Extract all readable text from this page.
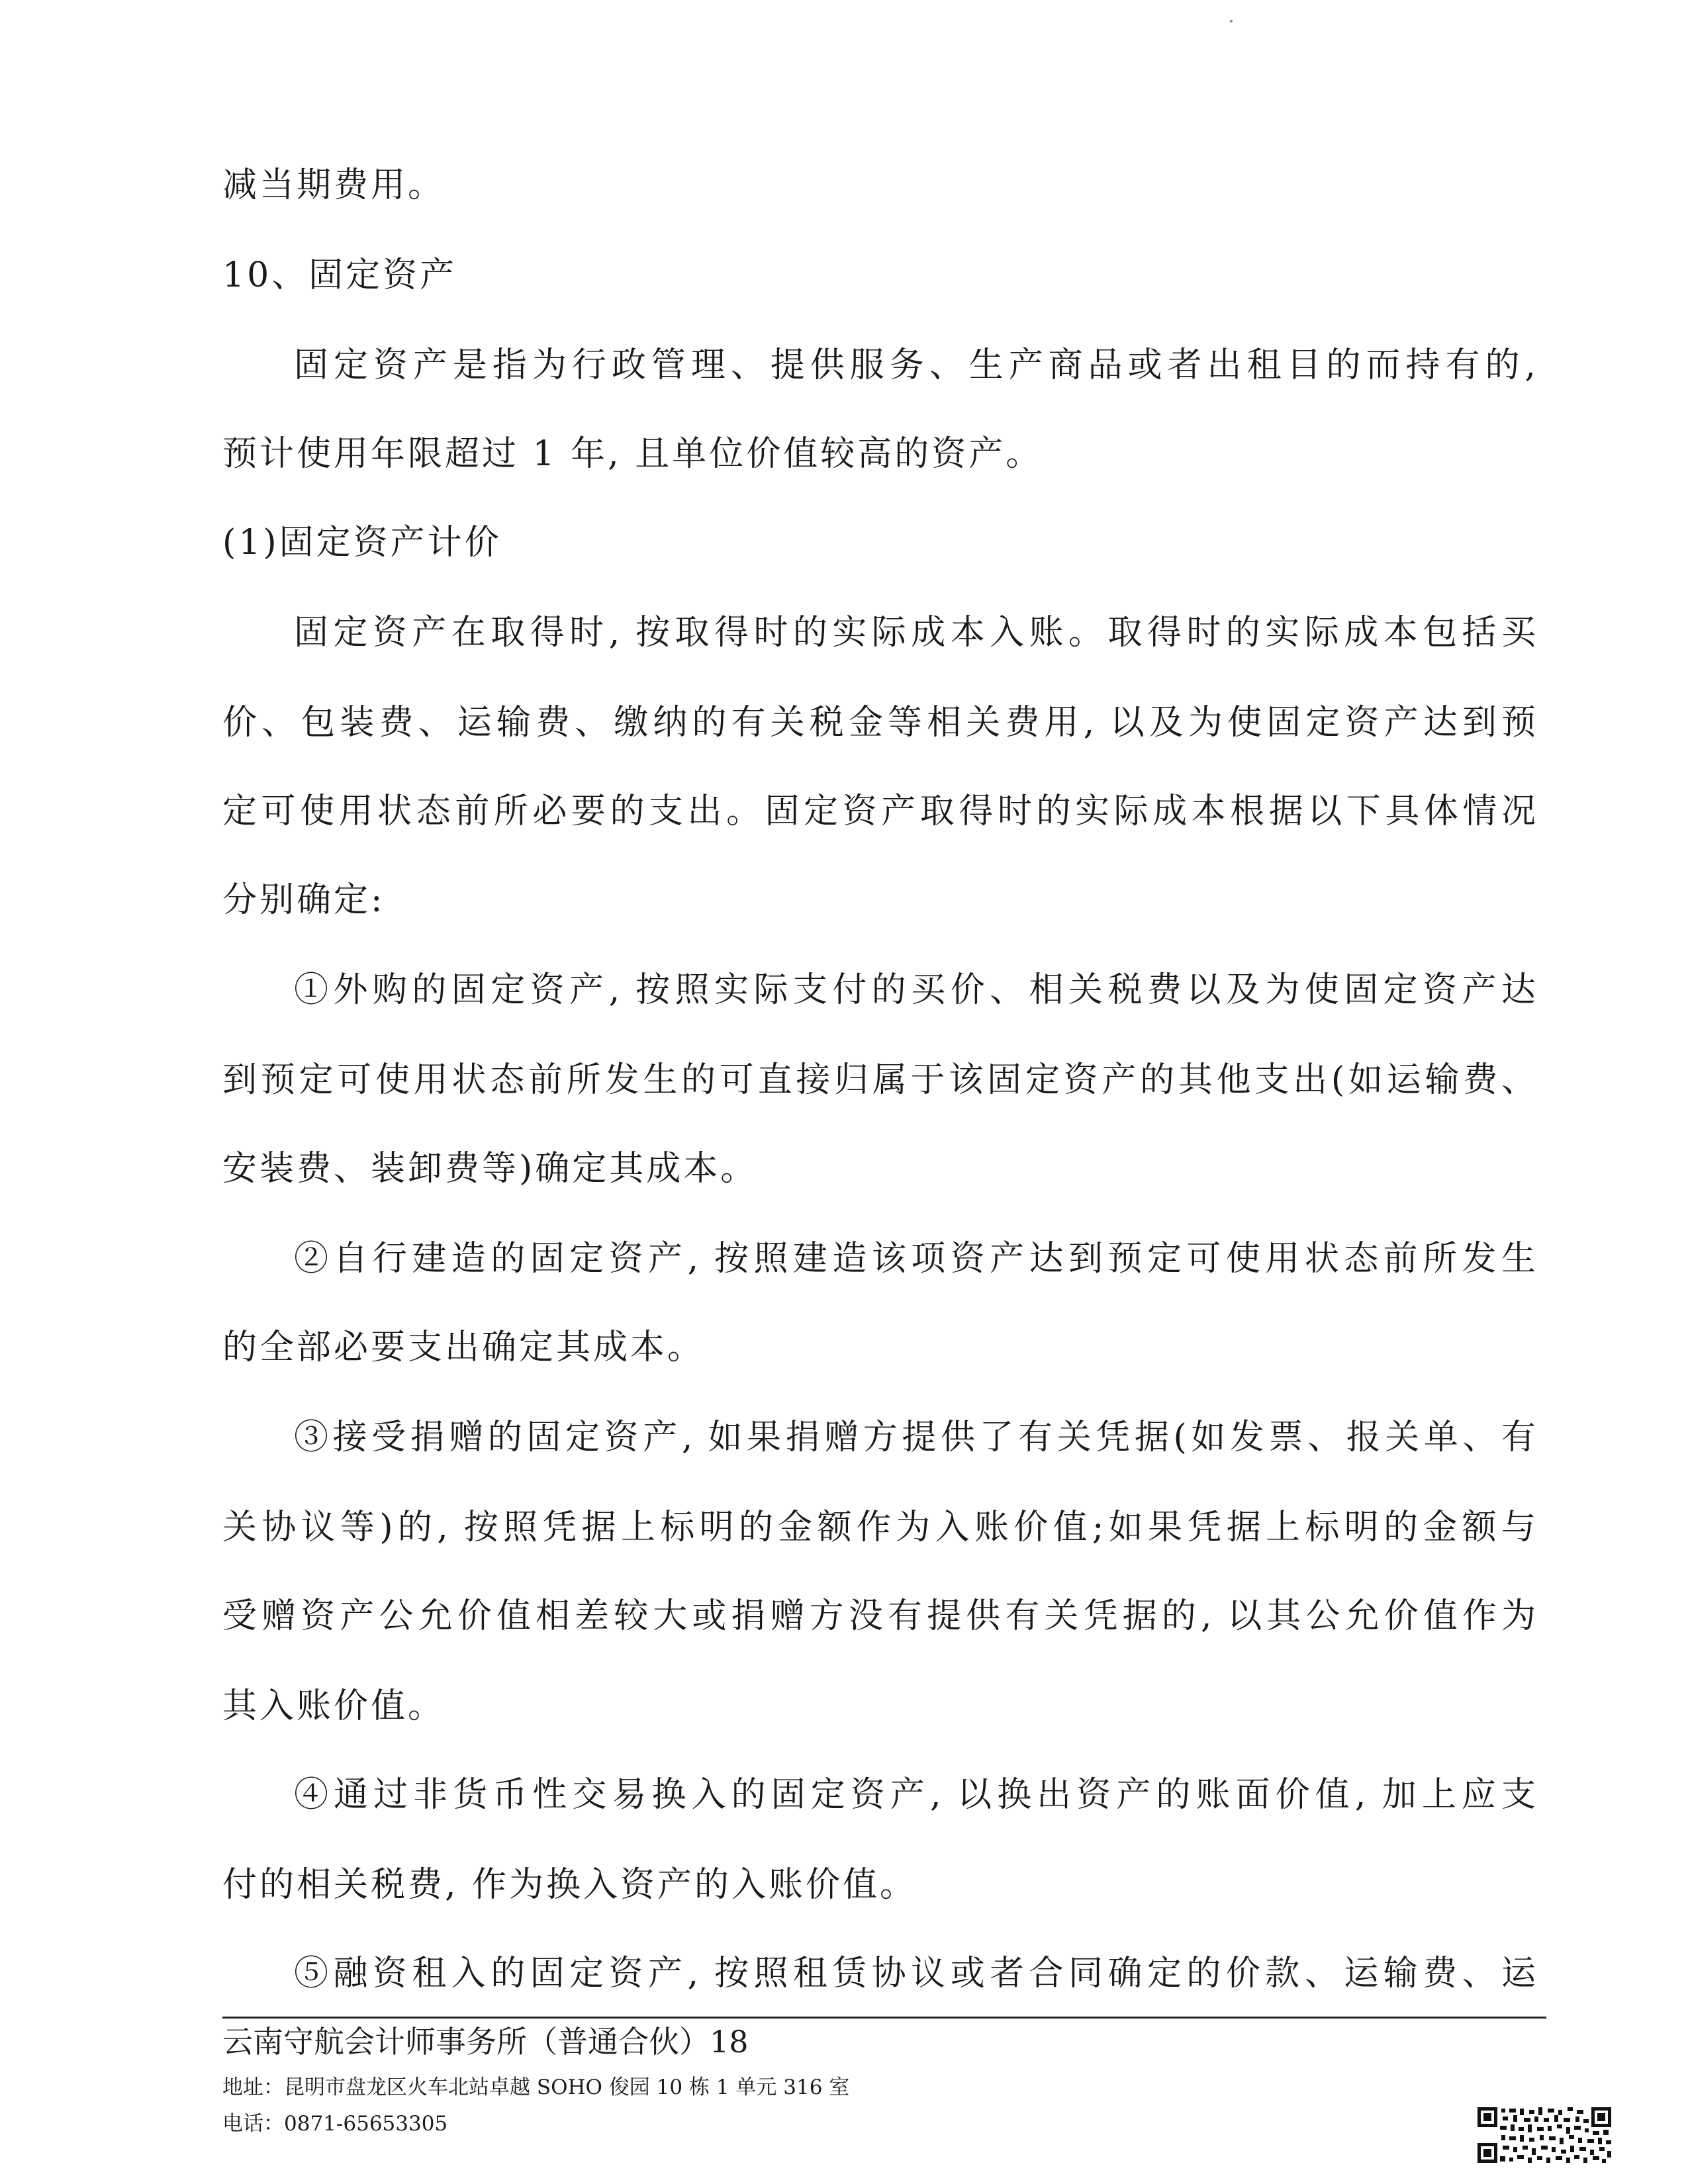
减当期费用。
10、固定资产
固定资产是指为行政管理、提供服务、生产商品或者出租目的而持有的,
预计使用年限超过 1 年, 且单位价值较高的资产。
(1)固定资产计价
固定资产在取得时, 按取得时的实际成本入账。取得时的实际成本包括买
价、包装费、运输费、缴纳的有关税金等相关费用, 以及为使固定资产达到预
定可使用状态前所必要的支出。固定资产取得时的实际成本根据以下具体情况
分别确定:
①外购的固定资产, 按照实际支付的买价、相关税费以及为使固定资产达
到预定可使用状态前所发生的可直接归属于该固定资产的其他支出(如运输费、
安装费、装卸费等)确定其成本。
②自行建造的固定资产, 按照建造该项资产达到预定可使用状态前所发生
的全部必要支出确定其成本。
③接受捐赠的固定资产, 如果捐赠方提供了有关凭据(如发票、报关单、有
关协议等)的, 按照凭据上标明的金额作为入账价值;如果凭据上标明的金额与
受赠资产公允价值相差较大或捐赠方没有提供有关凭据的, 以其公允价值作为
其入账价值。
④通过非货币性交易换入的固定资产, 以换出资产的账面价值, 加上应支
付的相关税费, 作为换入资产的入账价值。
⑤融资租入的固定资产, 按照租赁协议或者合同确定的价款、运输费、运
云南守航会计师事务所（普通合伙）18
地址：昆明市盘龙区火车北站卓越 SOHO 俊园 10 栋 1 单元 316 室
电话：0871-65653305
